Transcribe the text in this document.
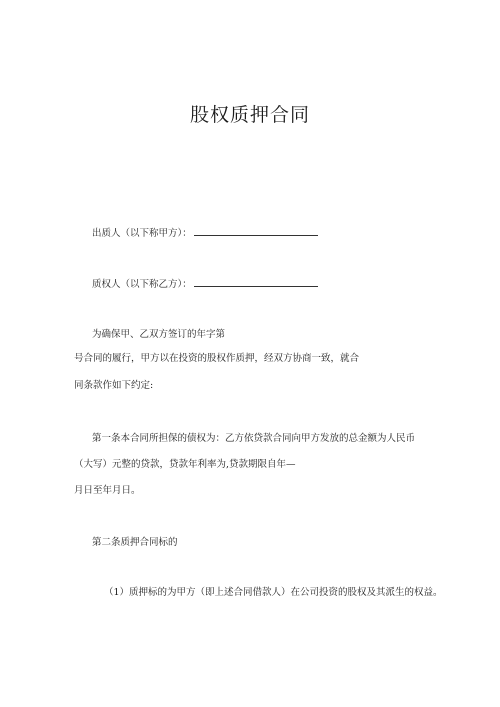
股权质押合同
出质人（以下称甲方）：
质权人（以下称乙方）：
为确保甲、乙双方签订的年字第
号合同的履行，甲方以在投资的股权作质押，经双方协商一致，就合
同条款作如下约定:
第一条本合同所担保的债权为：乙方依贷款合同向甲方发放的总金额为人民币
（大写）元整的贷款，贷款年利率为,贷款期限自年—
月日至年月日。
第二条质押合同标的
（1）质押标的为甲方（即上述合同借款人）在公司投资的股权及其派生的权益。
